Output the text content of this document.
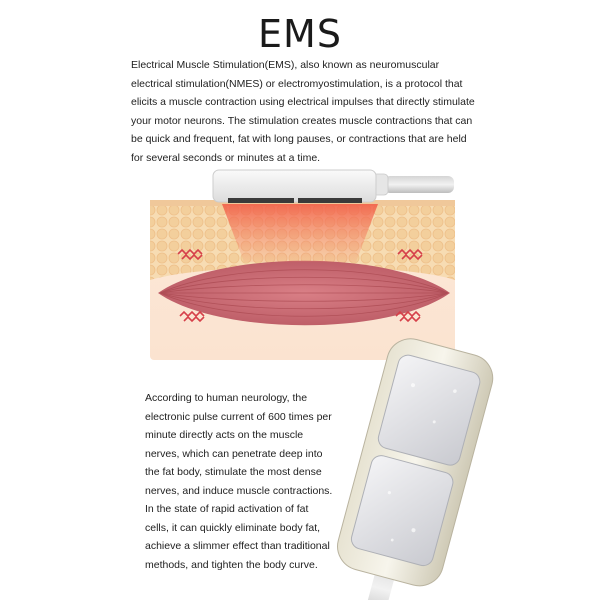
EMS
Electrical Muscle Stimulation(EMS), also known as neuromuscular electrical stimulation(NMES) or electromyostimulation, is a protocol that elicits a muscle contraction using electrical impulses that directly stimulate your motor neurons. The stimulation creates muscle contractions that can be quick and frequent, fat with long pauses, or contractions that are held for several seconds or minutes at a time.
According to human neurology, the electronic pulse current of 600 times per minute directly acts on the muscle nerves, which can penetrate deep into the fat body, stimulate the most dense nerves, and induce muscle contractions. In the state of rapid activation of fat cells, it can quickly eliminate body fat, achieve a slimmer effect than traditional methods, and tighten the body curve.
